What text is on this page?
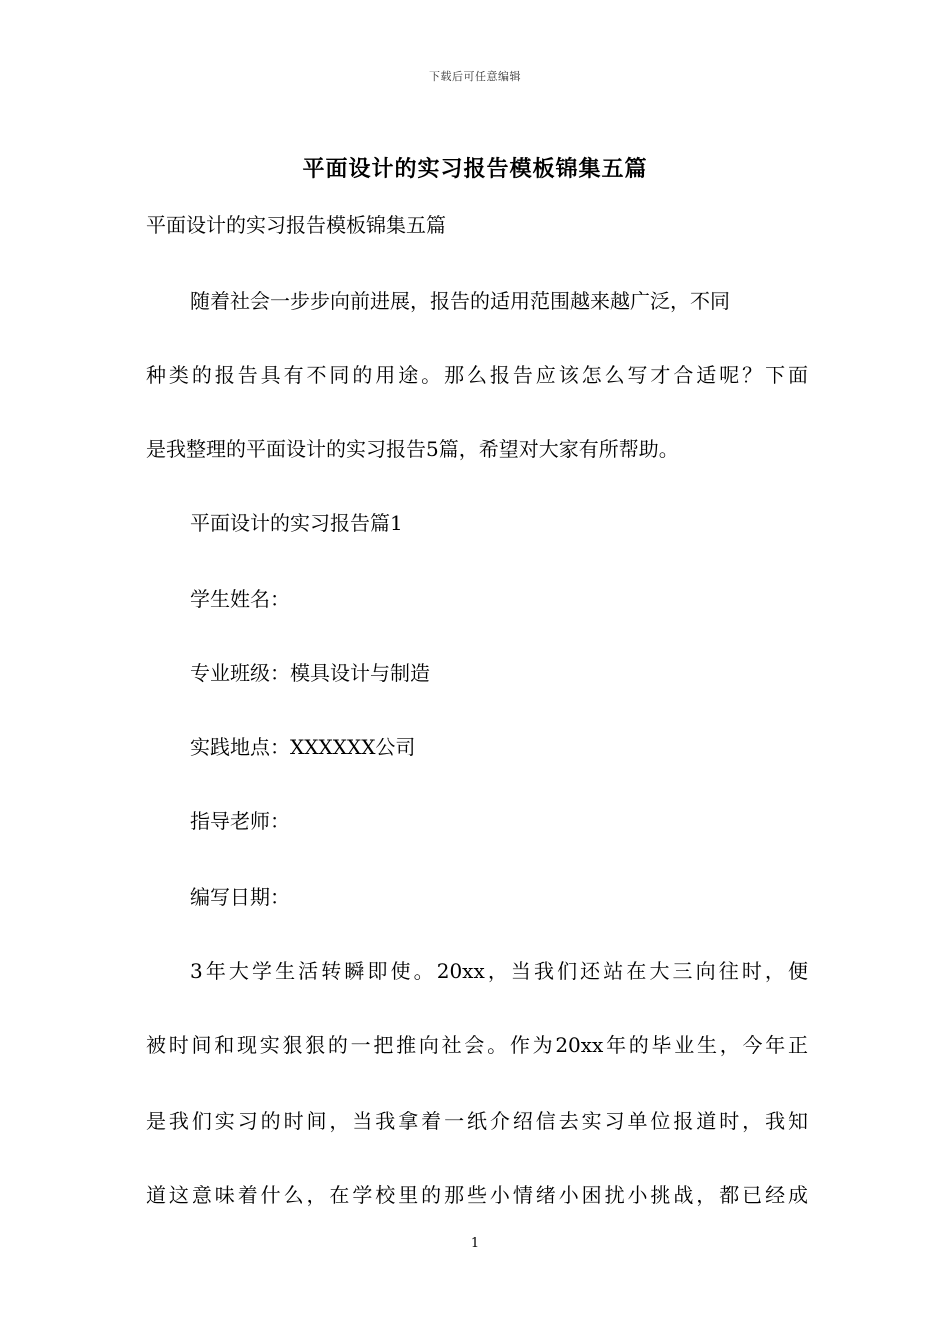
下载后可任意编辑
平面设计的实习报告模板锦集五篇
平面设计的实习报告模板锦集五篇
随着社会一步步向前进展，报告的适用范围越来越广泛，不同
种类的报告具有不同的用途。那么报告应该怎么写才合适呢？下面
是我整理的平面设计的实习报告5篇，希望对大家有所帮助。
平面设计的实习报告篇1
学生姓名：
专业班级：模具设计与制造
实践地点：XXXXXX公司
指导老师：
编写日期：
3年大学生活转瞬即使。20xx，当我们还站在大三向往时，便
被时间和现实狠狠的一把推向社会。作为20xx年的毕业生，今年正
是我们实习的时间，当我拿着一纸介绍信去实习单位报道时，我知
道这意味着什么，在学校里的那些小情绪小困扰小挑战，都已经成
1
